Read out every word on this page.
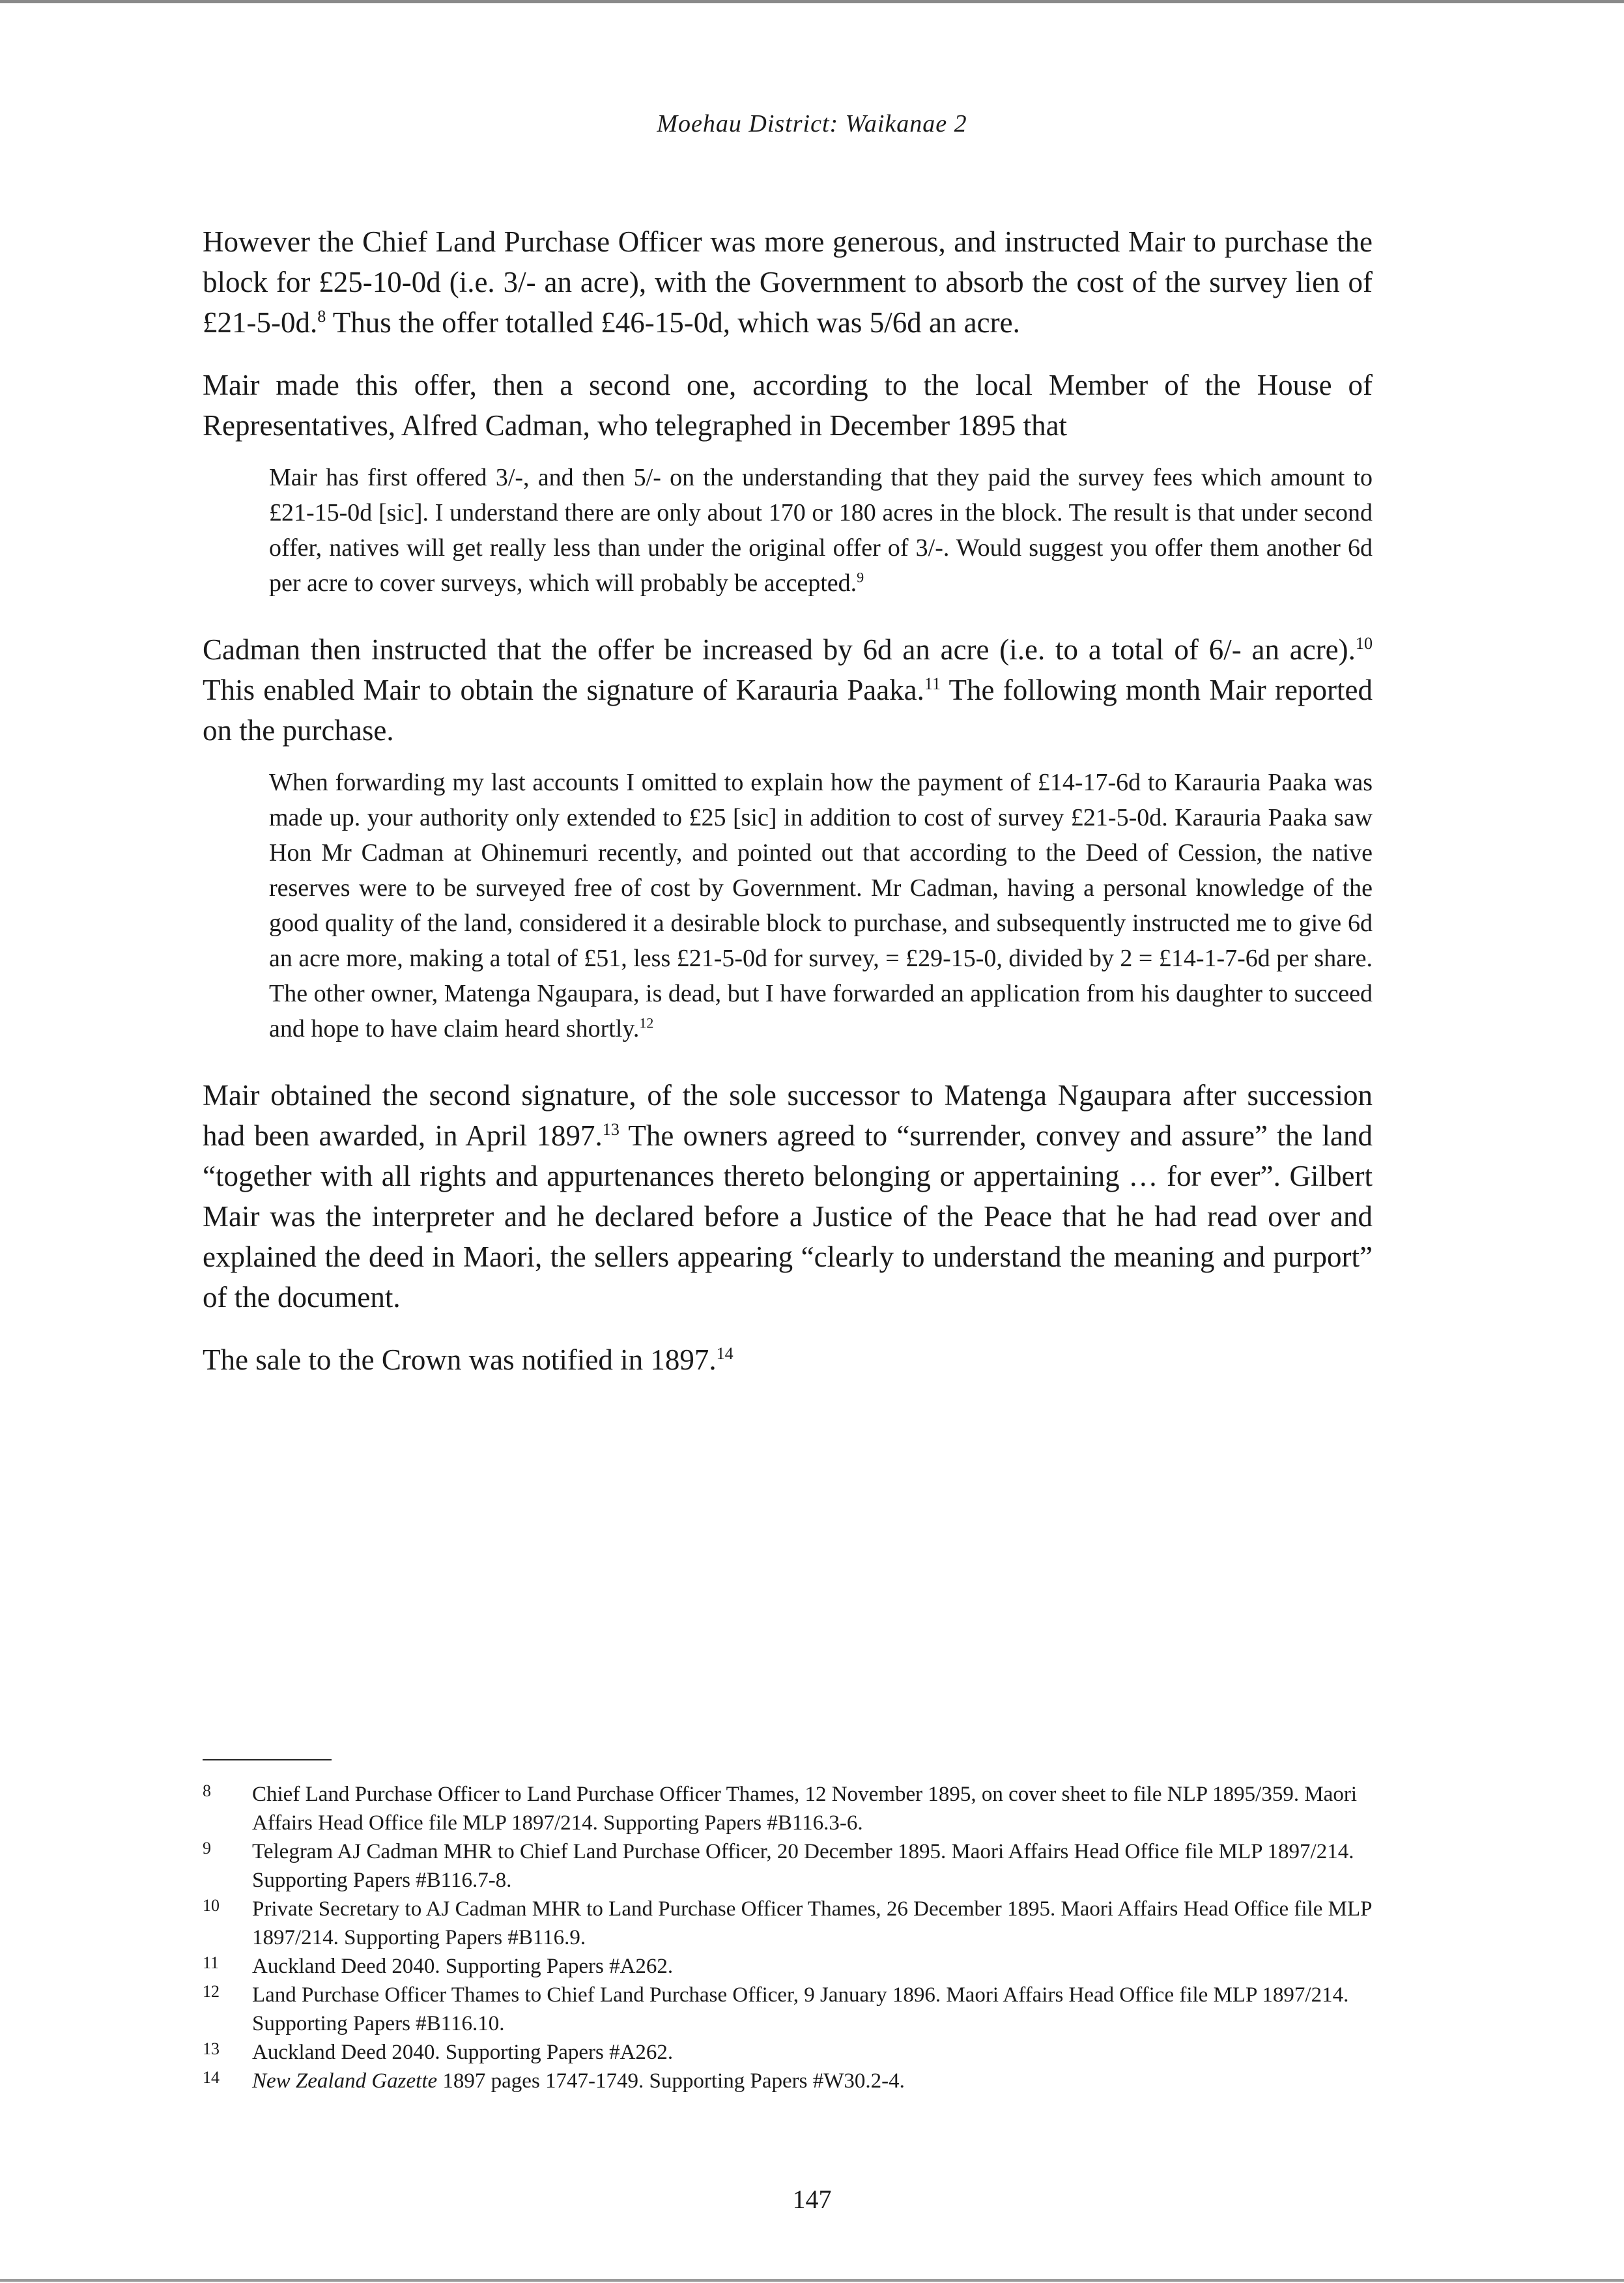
Moehau District: Waikanae 2

However the Chief Land Purchase Officer was more generous, and instructed Mair to purchase the block for £25-10-0d (i.e. 3/- an acre), with the Government to absorb the cost of the survey lien of £21-5-0d.$^8$ Thus the offer totalled £46-15-0d, which was 5/6d an acre.

Mair made this offer, then a second one, according to the local Member of the House of Representatives, Alfred Cadman, who telegraphed in December 1895 that

Mair has first offered 3/-, and then 5/- on the understanding that they paid the survey fees which amount to £21-15-0d [sic]. I understand there are only about 170 or 180 acres in the block. The result is that under second offer, natives will get really less than under the original offer of 3/-. Would suggest you offer them another 6d per acre to cover surveys, which will probably be accepted.$^9$

Cadman then instructed that the offer be increased by 6d an acre (i.e. to a total of 6/- an acre).$^{10}$ This enabled Mair to obtain the signature of Karauria Paaka.$^{11}$ The following month Mair reported on the purchase.

When forwarding my last accounts I omitted to explain how the payment of £14-17-6d to Karauria Paaka was made up. your authority only extended to £25 [sic] in addition to cost of survey £21-5-0d. Karauria Paaka saw Hon Mr Cadman at Ohinemuri recently, and pointed out that according to the Deed of Cession, the native reserves were to be surveyed free of cost by Government. Mr Cadman, having a personal knowledge of the good quality of the land, considered it a desirable block to purchase, and subsequently instructed me to give 6d an acre more, making a total of £51, less £21-5-0d for survey, = £29-15-0, divided by 2 = £14-1-7-6d per share. The other owner, Matenga Ngaupara, is dead, but I have forwarded an application from his daughter to succeed and hope to have claim heard shortly.$^{12}$

Mair obtained the second signature, of the sole successor to Matenga Ngaupara after succession had been awarded, in April 1897.13 The owners agreed to “surrender, convey and assure” the land “together with all rights and appurtenances thereto belonging or appertaining … for ever”. Gilbert Mair was the interpreter and he declared before a Justice of the Peace that he had read over and explained the deed in Maori, the sellers appearing “clearly to understand the meaning and purport” of the document.

The sale to the Crown was notified in 1897.14

8	Chief Land Purchase Officer to Land Purchase Officer Thames, 12 November 1895, on cover sheet to file NLP 1895/359. Maori Affairs Head Office file MLP 1897/214. Supporting Papers #B116.3-6.
9	Telegram AJ Cadman MHR to Chief Land Purchase Officer, 20 December 1895. Maori Affairs Head Office file MLP 1897/214. Supporting Papers #B116.7-8.
10	Private Secretary to AJ Cadman MHR to Land Purchase Officer Thames, 26 December 1895. Maori Affairs Head Office file MLP 1897/214. Supporting Papers #B116.9.
11	Auckland Deed 2040. Supporting Papers #A262.
12	Land Purchase Officer Thames to Chief Land Purchase Officer, 9 January 1896. Maori Affairs Head Office file MLP 1897/214. Supporting Papers #B116.10.
13	Auckland Deed 2040. Supporting Papers #A262.
14	New Zealand Gazette 1897 pages 1747-1749. Supporting Papers #W30.2-4.
147
